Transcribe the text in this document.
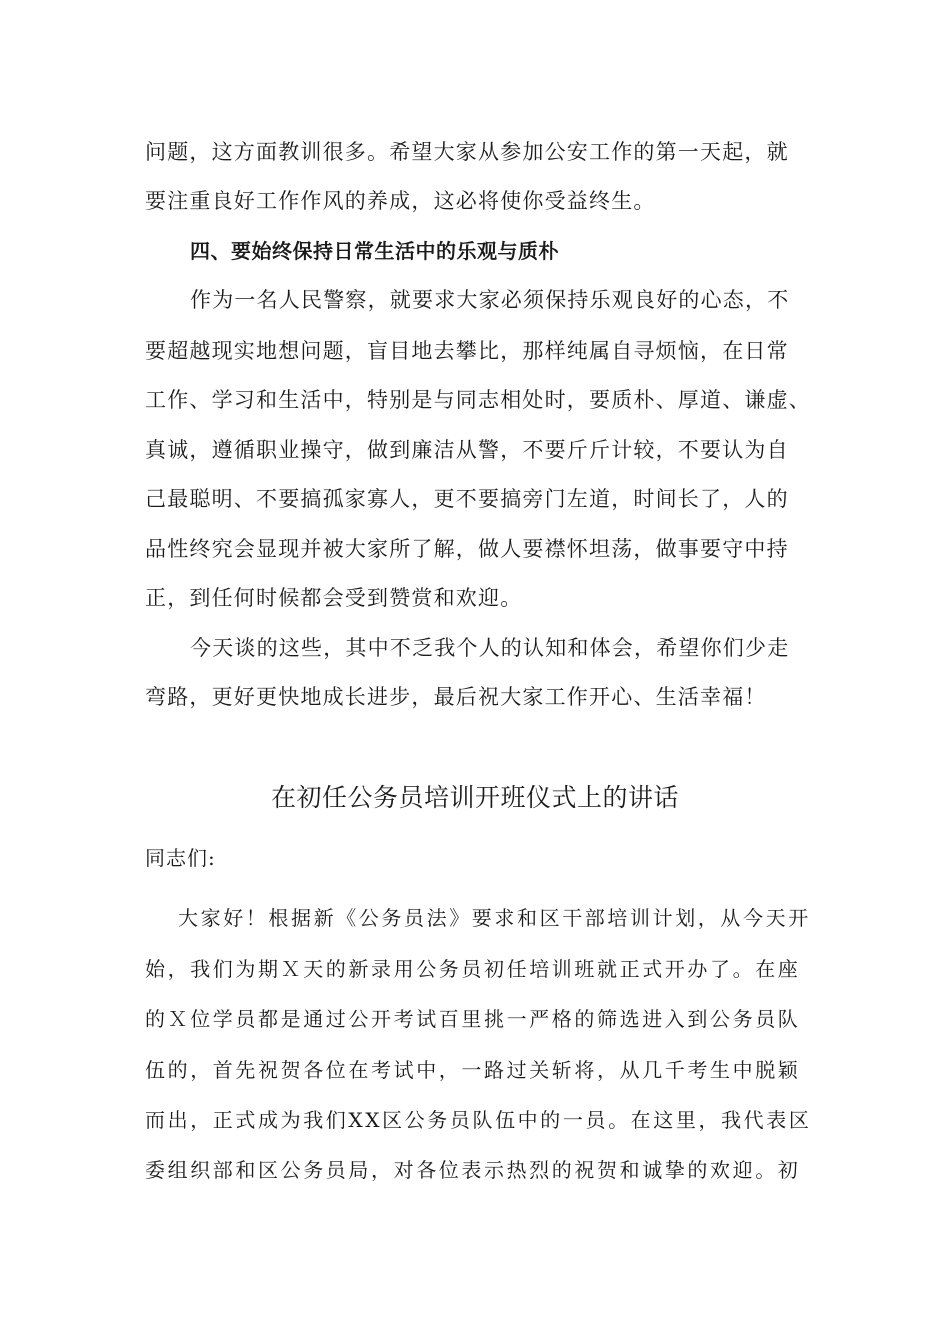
问题，这方面教训很多。希望大家从参加公安工作的第一天起，就
要注重良好工作作风的养成，这必将使你受益终生。
四、要始终保持日常生活中的乐观与质朴
作为一名人民警察，就要求大家必须保持乐观良好的心态，不
要超越现实地想问题，盲目地去攀比，那样纯属自寻烦恼，在日常
工作、学习和生活中，特别是与同志相处时，要质朴、厚道、谦虚、
真诚，遵循职业操守，做到廉洁从警，不要斤斤计较，不要认为自
己最聪明、不要搞孤家寡人，更不要搞旁门左道，时间长了，人的
品性终究会显现并被大家所了解，做人要襟怀坦荡，做事要守中持
正，到任何时候都会受到赞赏和欢迎。
今天谈的这些，其中不乏我个人的认知和体会，希望你们少走
弯路，更好更快地成长进步，最后祝大家工作开心、生活幸福！
在初任公务员培训开班仪式上的讲话
同志们:
大家好！根据新《公务员法》要求和区干部培训计划，从今天开
始，我们为期Ｘ天的新录用公务员初任培训班就正式开办了。在座
的Ｘ位学员都是通过公开考试百里挑一严格的筛选进入到公务员队
伍的，首先祝贺各位在考试中，一路过关斩将，从几千考生中脱颖
而出，正式成为我们XX区公务员队伍中的一员。在这里，我代表区
委组织部和区公务员局，对各位表示热烈的祝贺和诚挚的欢迎。初
